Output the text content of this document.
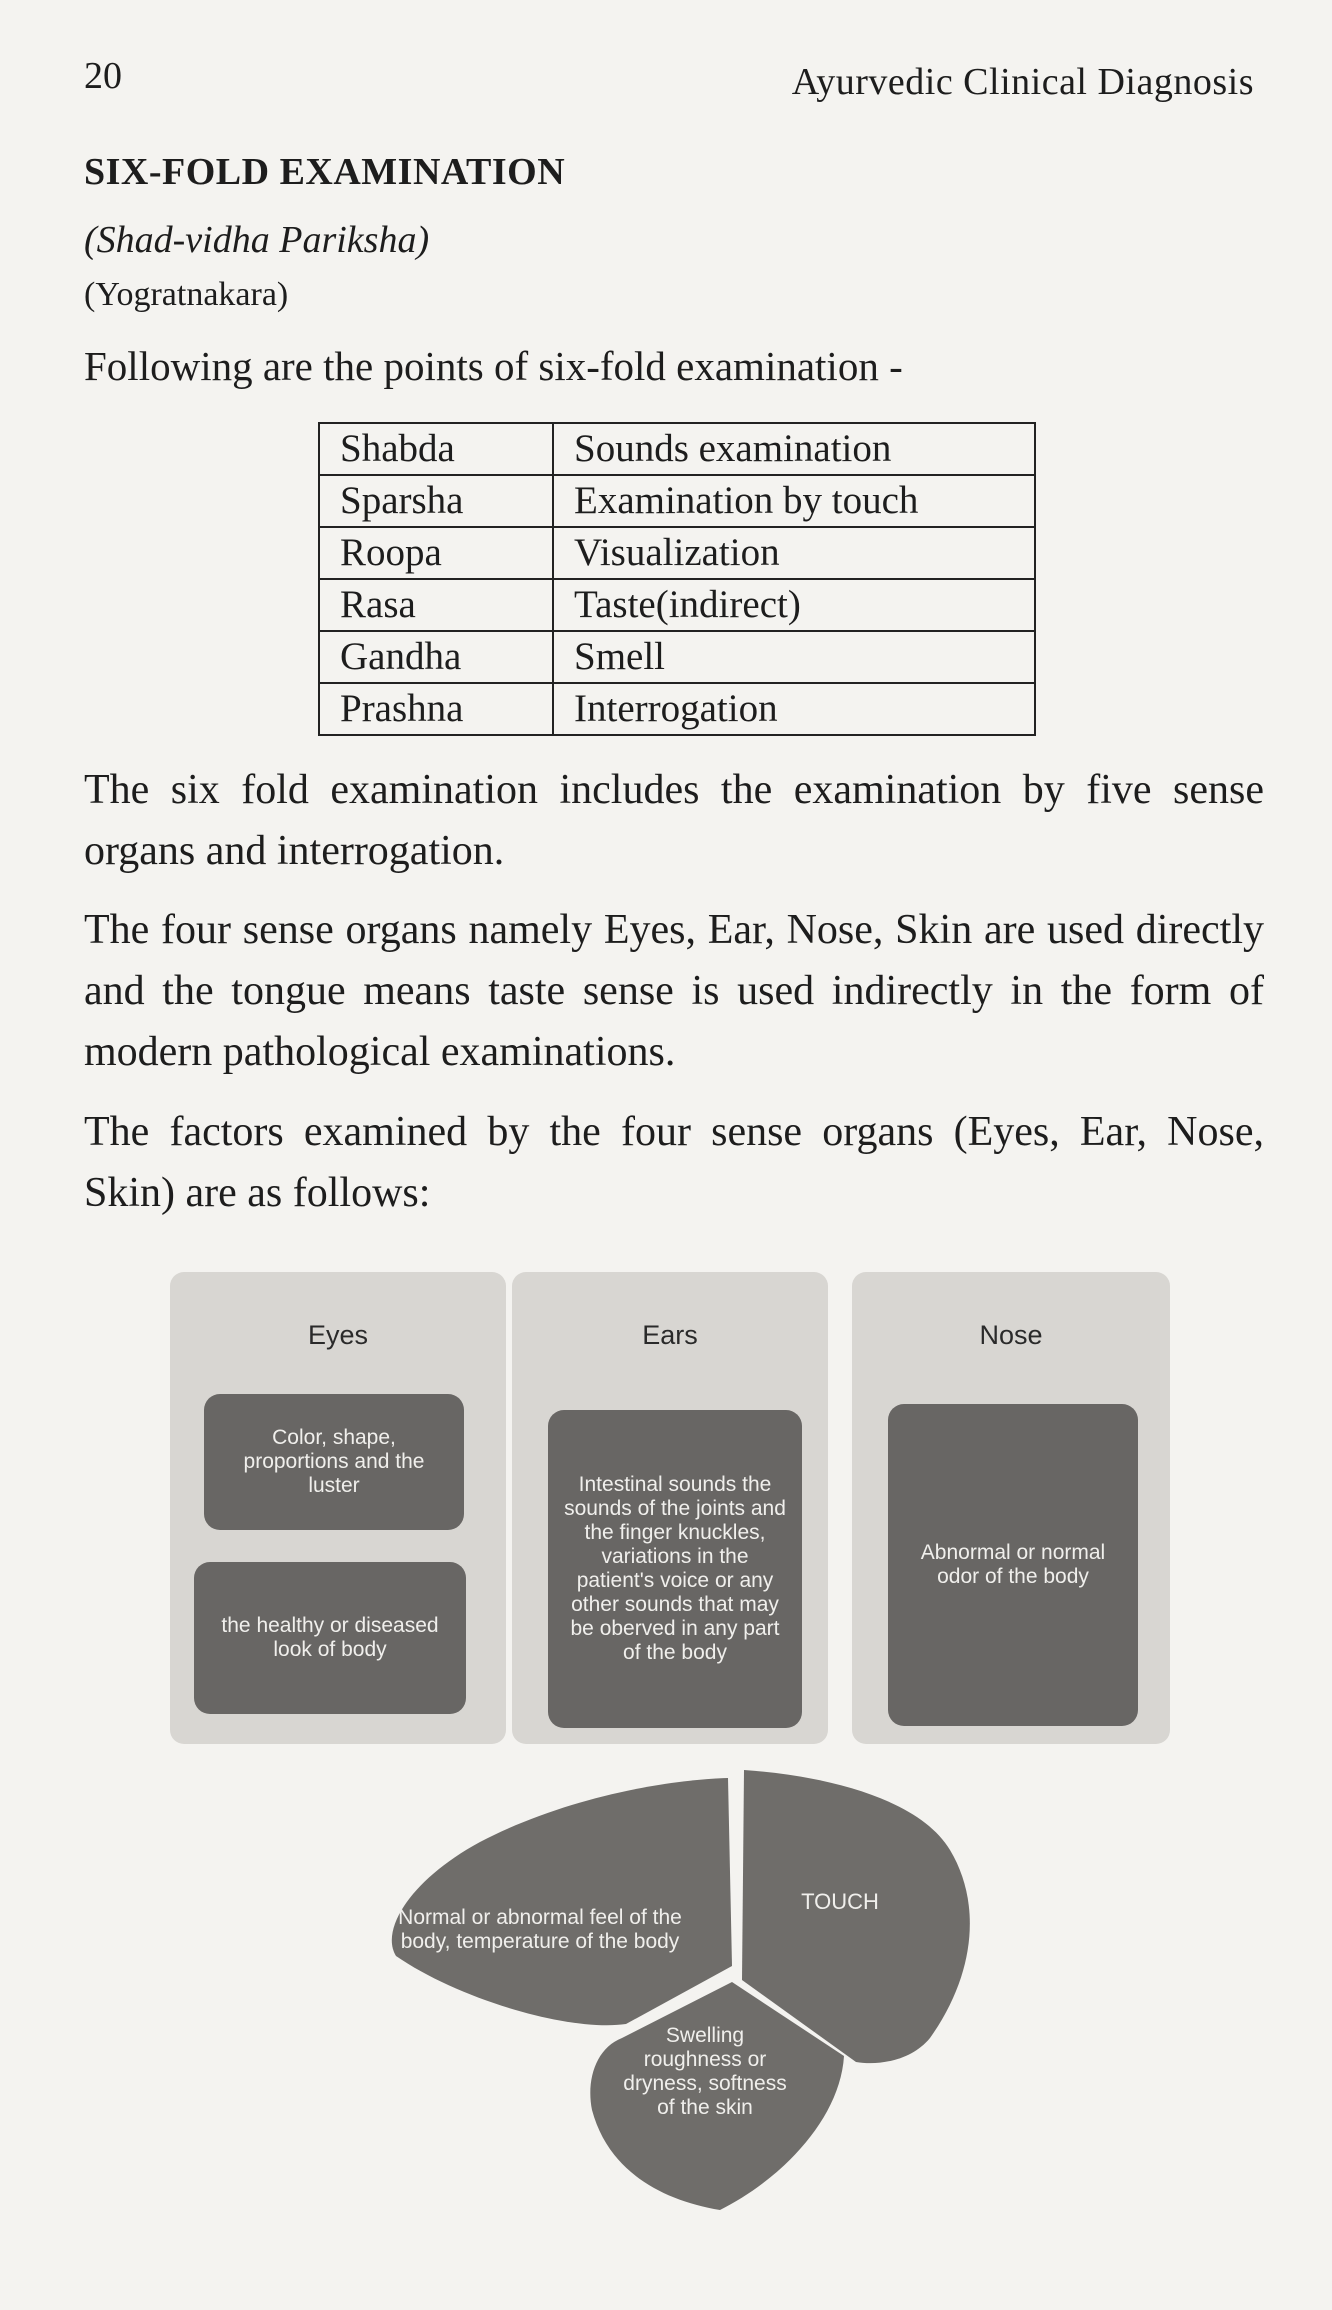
20	Ayurvedic Clinical Diagnosis
SIX-FOLD EXAMINATION
(Shad-vidha Pariksha)
(Yogratnakara)
Following are the points of six-fold examination -
Shabda	Sounds examination
Sparsha	Examination by touch
Roopa	Visualization
Rasa	Taste(indirect)
Gandha	Smell
Prashna	Interrogation
The six fold examination includes the examination by five sense organs and interrogation.
The four sense organs namely Eyes, Ear, Nose, Skin are used directly and the tongue means taste sense is used indirectly in the form of modern pathological examinations.
The factors examined by the four sense organs (Eyes, Ear, Nose, Skin) are as follows:
Eyes
Color, shape, proportions and the luster
the healthy or diseased look of body
Ears
Intestinal sounds the sounds of the joints and the finger knuckles, variations in the patient's voice or any other sounds that may be oberved in any part of the body
Nose
Abnormal or normal odor of the body
Normal or abnormal feel of the body, temperature of the body
TOUCH
Swelling roughness or dryness, softness of the skin
